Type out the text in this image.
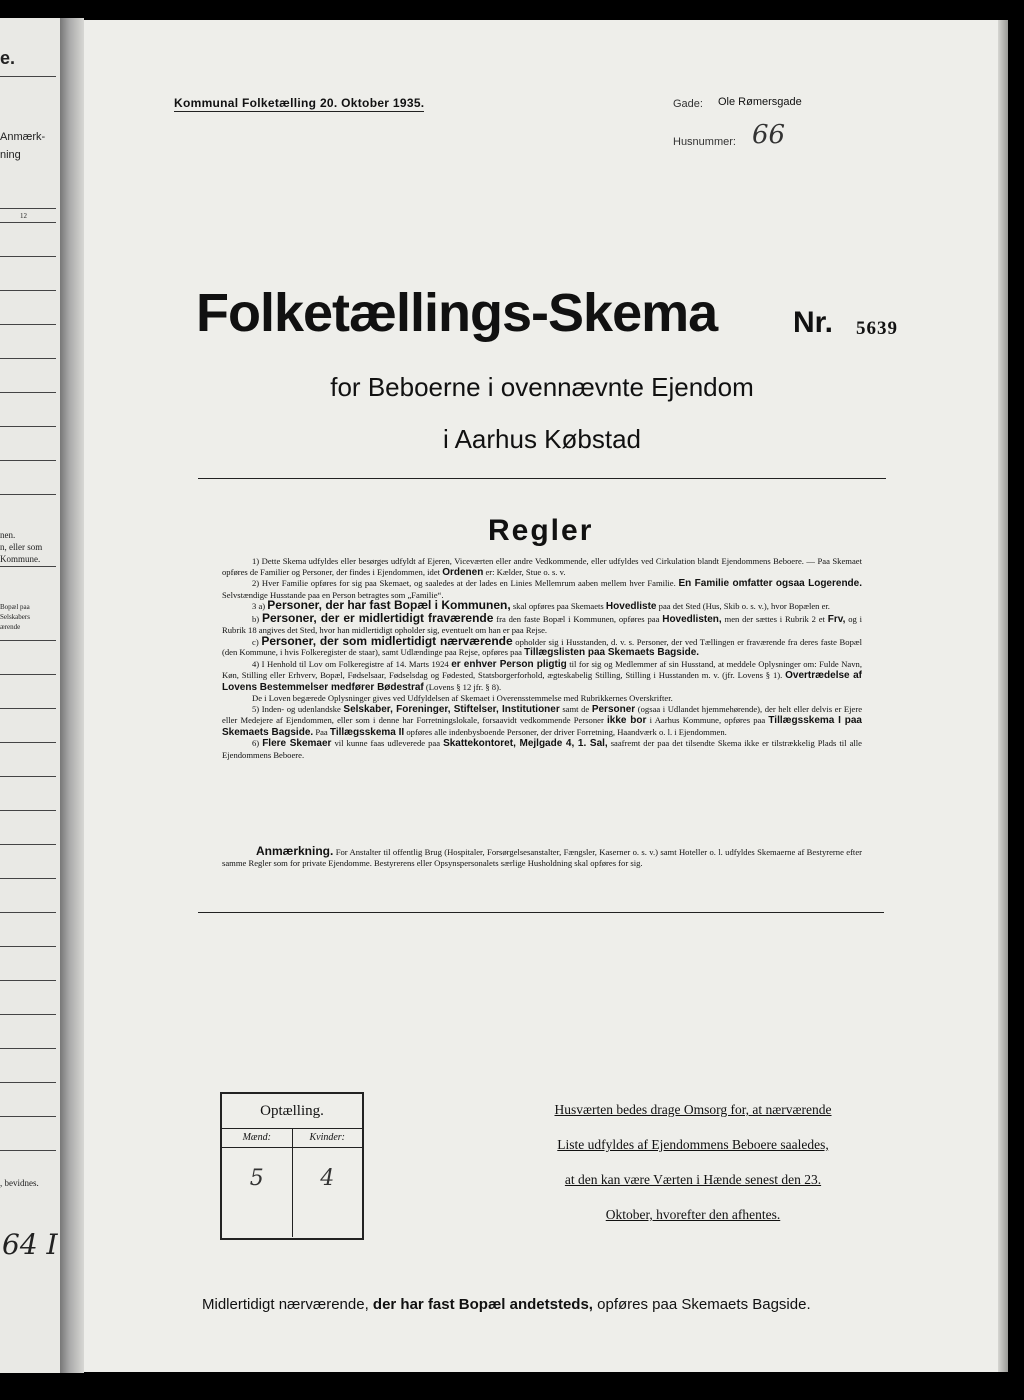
e.
Anmærk-
ning
12
nen.
n, eller som
Kommune.
Bopæl paa
Selskabers
ærende
, bevidnes.
64 I
Kommunal Folketælling 20. Oktober 1935.	Gade: Ole Rømersgade
Husnummer: 66
Folketællings-Skema	Nr. 5639
for Beboerne i ovennævnte Ejendom
i Aarhus Købstad
Regler

1) Dette Skema udfyldes eller besørges udfyldt af Ejeren, Viceværten eller andre Vedkommende, eller udfyldes ved Cirkulation blandt Ejendommens Beboere. — Paa Skemaet opføres de Familier og Personer, der findes i Ejendommen, idet Ordenen er: Kælder, Stue o. s. v.

2) Hver Familie opføres for sig paa Skemaet, og saaledes at der lades en Linies Mellemrum aaben mellem hver Familie. En Familie omfatter ogsaa Logerende. Selvstændige Husstande paa en Person betragtes som „Familie“.

3 a) Personer, der har fast Bopæl i Kommunen, skal opføres paa Skemaets Hovedliste paa det Sted (Hus, Skib o. s. v.), hvor Bopælen er.

b) Personer, der er midlertidigt fraværende fra den faste Bopæl i Kommunen, opføres paa Hovedlisten, men der sættes i Rubrik 2 et Frv, og i Rubrik 18 angives det Sted, hvor han midlertidigt opholder sig, eventuelt om han er paa Rejse.

c) Personer, der som midlertidigt nærværende opholder sig i Husstanden, d. v. s. Personer, der ved Tællingen er fraværende fra deres faste Bopæl (den Kommune, i hvis Folkeregister de staar), samt Udlændinge paa Rejse, opføres paa Tillægslisten paa Skemaets Bagside.

4) I Henhold til Lov om Folkeregistre af 14. Marts 1924 er enhver Person pligtig til for sig og Medlemmer af sin Husstand, at meddele Oplysninger om: Fulde Navn, Køn, Stilling eller Erhverv, Bopæl, Fødselsaar, Fødselsdag og Fødested, Statsborgerforhold, ægteskabelig Stilling, Stilling i Husstanden m. v. (jfr. Lovens § 1). Overtrædelse af Lovens Bestemmelser medfører Bødestraf (Lovens § 12 jfr. § 8).

De i Loven begærede Oplysninger gives ved Udfyldelsen af Skemaet i Overensstemmelse med Rubrikkernes Overskrifter.

5) Inden- og udenlandske Selskaber, Foreninger, Stiftelser, Institutioner samt de Personer (ogsaa i Udlandet hjemmehørende), der helt eller delvis er Ejere eller Medejere af Ejendommen, eller som i denne har Forretningslokale, forsaavidt vedkommende Personer ikke bor i Aarhus Kommune, opføres paa Tillægsskema I paa Skemaets Bagside. Paa Tillægsskema II opføres alle indenbysboende Personer, der driver Forretning, Haandværk o. l. i Ejendommen.

6) Flere Skemaer vil kunne faas udleverede paa Skattekontoret, Mejlgade 4, 1. Sal, saafremt der paa det tilsendte Skema ikke er tilstrækkelig Plads til alle Ejendommens Beboere.

Anmærkning. For Anstalter til offentlig Brug (Hospitaler, Forsørgelsesanstalter, Fængsler, Kaserner o. s. v.) samt Hoteller o. l. udfyldes Skemaerne af Bestyrerne efter samme Regler som for private Ejendomme. Bestyrerens eller Opsynspersonalets særlige Husholdning skal opføres for sig.

Optælling.
Mænd:
5
Kvinder:
4
Husværten bedes drage Omsorg for, at nærværende
Liste udfyldes af Ejendommens Beboere saaledes,
at den kan være Værten i Hænde senest den 23.
Oktober, hvorefter den afhentes.
Midlertidigt nærværende, der har fast Bopæl andetsteds, opføres paa Skemaets Bagside.
